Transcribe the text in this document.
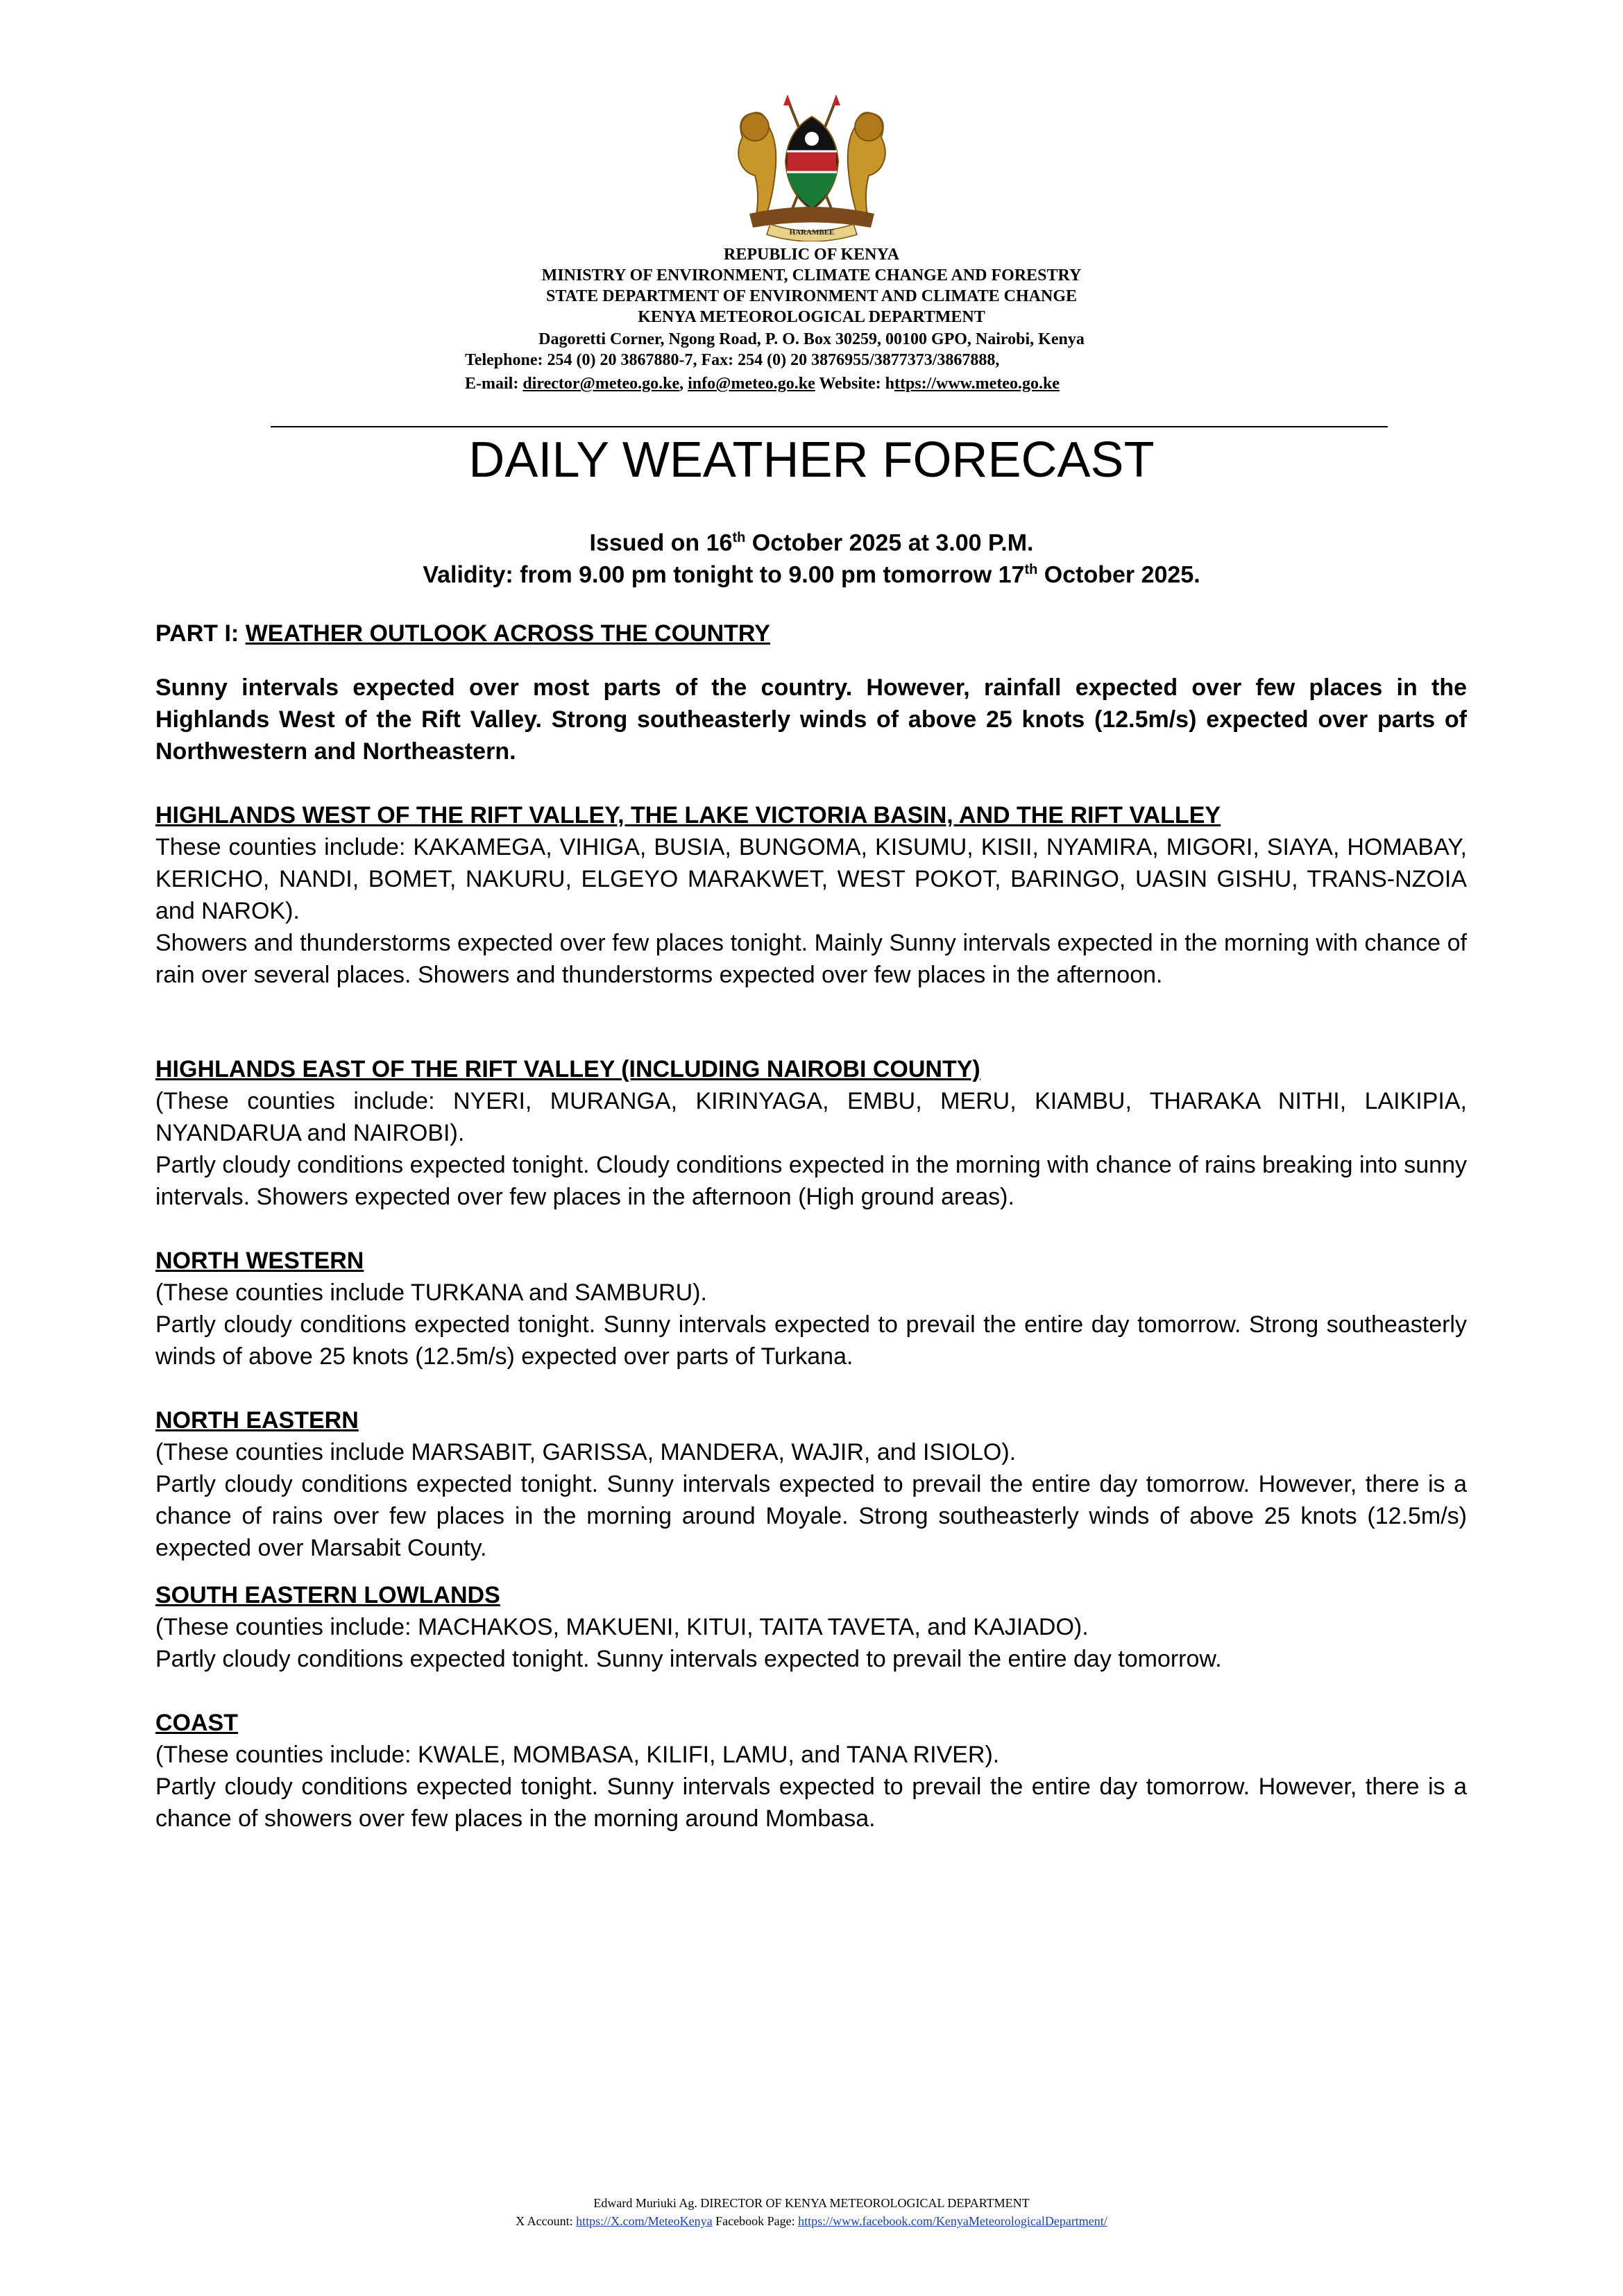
HARAMBEE
REPUBLIC OF KENYA
MINISTRY OF ENVIRONMENT, CLIMATE CHANGE AND FORESTRY
STATE DEPARTMENT OF ENVIRONMENT AND CLIMATE CHANGE
KENYA METEOROLOGICAL DEPARTMENT
Dagoretti Corner, Ngong Road, P. O. Box 30259, 00100 GPO, Nairobi, Kenya
Telephone: 254 (0) 20 3867880-7, Fax: 254 (0) 20 3876955/3877373/3867888,
E-mail: director@meteo.go.ke, info@meteo.go.ke Website: https://www.meteo.go.ke
DAILY WEATHER FORECAST
Issued on 16th October 2025 at 3.00 P.M.
Validity: from 9.00 pm tonight to 9.00 pm tomorrow 17th October 2025.
PART I: WEATHER OUTLOOK ACROSS THE COUNTRY
Sunny intervals expected over most parts of the country. However, rainfall expected over few places in the Highlands West of the Rift Valley. Strong southeasterly winds of above 25 knots (12.5m/s) expected over parts of Northwestern and Northeastern.

HIGHLANDS WEST OF THE RIFT VALLEY, THE LAKE VICTORIA BASIN, AND THE RIFT VALLEY

These counties include: KAKAMEGA, VIHIGA, BUSIA, BUNGOMA, KISUMU, KISII, NYAMIRA, MIGORI, SIAYA, HOMABAY, KERICHO, NANDI, BOMET, NAKURU, ELGEYO MARAKWET, WEST POKOT, BARINGO, UASIN GISHU, TRANS-NZOIA and NAROK).

Showers and thunderstorms expected over few places tonight. Mainly Sunny intervals expected in the morning with chance of rain over several places. Showers and thunderstorms expected over few places in the afternoon.

HIGHLANDS EAST OF THE RIFT VALLEY (INCLUDING NAIROBI COUNTY)

(These counties include: NYERI, MURANGA, KIRINYAGA, EMBU, MERU, KIAMBU, THARAKA NITHI, LAIKIPIA, NYANDARUA and NAIROBI).

Partly cloudy conditions expected tonight. Cloudy conditions expected in the morning with chance of rains breaking into sunny intervals. Showers expected over few places in the afternoon (High ground areas).

NORTH WESTERN

(These counties include TURKANA and SAMBURU).

Partly cloudy conditions expected tonight. Sunny intervals expected to prevail the entire day tomorrow. Strong southeasterly winds of above 25 knots (12.5m/s) expected over parts of Turkana.

NORTH EASTERN

(These counties include MARSABIT, GARISSA, MANDERA, WAJIR, and ISIOLO).

Partly cloudy conditions expected tonight. Sunny intervals expected to prevail the entire day tomorrow. However, there is a chance of rains over few places in the morning around Moyale. Strong southeasterly winds of above 25 knots (12.5m/s) expected over Marsabit County.

SOUTH EASTERN LOWLANDS

(These counties include: MACHAKOS, MAKUENI, KITUI, TAITA TAVETA, and KAJIADO).

Partly cloudy conditions expected tonight. Sunny intervals expected to prevail the entire day tomorrow.

COAST

(These counties include: KWALE, MOMBASA, KILIFI, LAMU, and TANA RIVER).

Partly cloudy conditions expected tonight. Sunny intervals expected to prevail the entire day tomorrow. However, there is a chance of showers over few places in the morning around Mombasa.

Edward Muriuki Ag. DIRECTOR OF KENYA METEOROLOGICAL DEPARTMENT
X Account: https://X.com/MeteoKenya Facebook Page: https://www.facebook.com/KenyaMeteorologicalDepartment/
